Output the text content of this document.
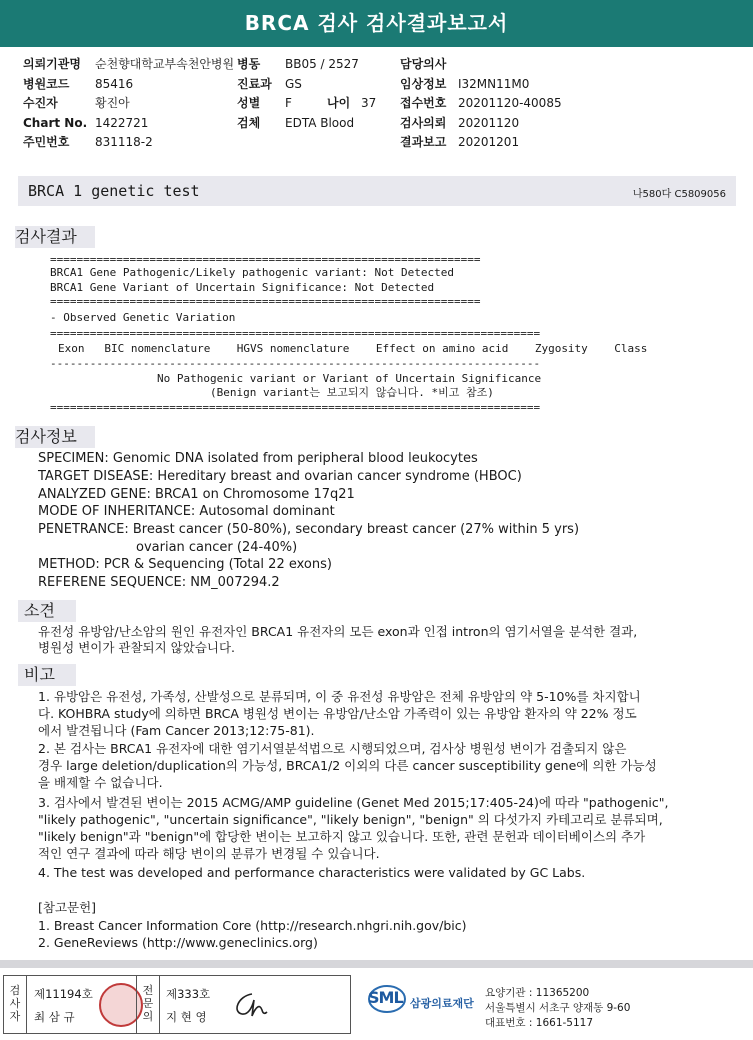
BRCA 검사 검사결과보고서
의뢰기관명 순천향대학교부속천안병원 병동 BB05 / 2527	담당의사
병원코드 85416	진료과 GS	임상정보 I32MN11M0
수진자	황진아	성별 F	나이 37 접수번호 20201120-40085
Chart No. 1422721	검체 EDTA Blood	검사의뢰 20201120
주민번호 831118-2	결과보고 20201201
BRCA 1 genetic test	나580다 C5809056
검사결과
=================================================================
BRCA1 Gene Pathogenic/Likely pathogenic variant: Not Detected
BRCA1 Gene Variant of Uncertain Significance: Not Detected
=================================================================
- Observed Genetic Variation
==========================================================================
Exon   BIC nomenclature    HGVS nomenclature    Effect on amino acid    Zygosity    Class
--------------------------------------------------------------------------
No Pathogenic variant or Variant of Uncertain Significance
(Benign variant는 보고되지 않습니다. *비고 참조)
==========================================================================
검사정보
SPECIMEN: Genomic DNA isolated from peripheral blood leukocytes
TARGET DISEASE: Hereditary breast and ovarian cancer syndrome (HBOC)
ANALYZED GENE: BRCA1 on Chromosome 17q21
MODE OF INHERITANCE: Autosomal dominant
PENETRANCE: Breast cancer (50-80%), secondary breast cancer (27% within 5 yrs)
ovarian cancer (24-40%)
METHOD: PCR & Sequencing (Total 22 exons)
REFERENE SEQUENCE: NM_007294.2
소견
유전성 유방암/난소암의 원인 유전자인 BRCA1 유전자의 모든 exon과 인접 intron의 염기서열을 분석한 결과,
병원성 변이가 관찰되지 않았습니다.
비고
1. 유방암은 유전성, 가족성, 산발성으로 분류되며, 이 중 유전성 유방암은 전체 유방암의 약 5-10%를 차지합니
다. KOHBRA study에 의하면 BRCA 병원성 변이는 유방암/난소암 가족력이 있는 유방암 환자의 약 22% 정도
에서 발견됩니다 (Fam Cancer 2013;12:75-81).
2. 본 검사는 BRCA1 유전자에 대한 염기서열분석법으로 시행되었으며, 검사상 병원성 변이가 검출되지 않은
경우 large deletion/duplication의 가능성, BRCA1/2 이외의 다른 cancer susceptibility gene에 의한 가능성
을 배제할 수 없습니다.
3. 검사에서 발견된 변이는 2015 ACMG/AMP guideline (Genet Med 2015;17:405-24)에 따라 "pathogenic",
"likely pathogenic", "uncertain significance", "likely benign", "benign" 의 다섯가지 카테고리로 분류되며,
"likely benign"과 "benign"에 합당한 변이는 보고하지 않고 있습니다. 또한, 관련 문헌과 데이터베이스의 추가
적인 연구 결과에 따라 해당 변이의 분류가 변경될 수 있습니다.
4. The test was developed and performance characteristics were validated by GC Labs.
[참고문헌]
1. Breast Cancer Information Core (http://research.nhgri.nih.gov/bic)
2. GeneReviews (http://www.geneclinics.org)
검사자
제11194호
최 삼 규
전문의
제333호
지 현 영
SML 삼광의료재단
요양기관 : 11365200
서울특별시 서초구 양재동 9-60
대표번호 : 1661-5117
